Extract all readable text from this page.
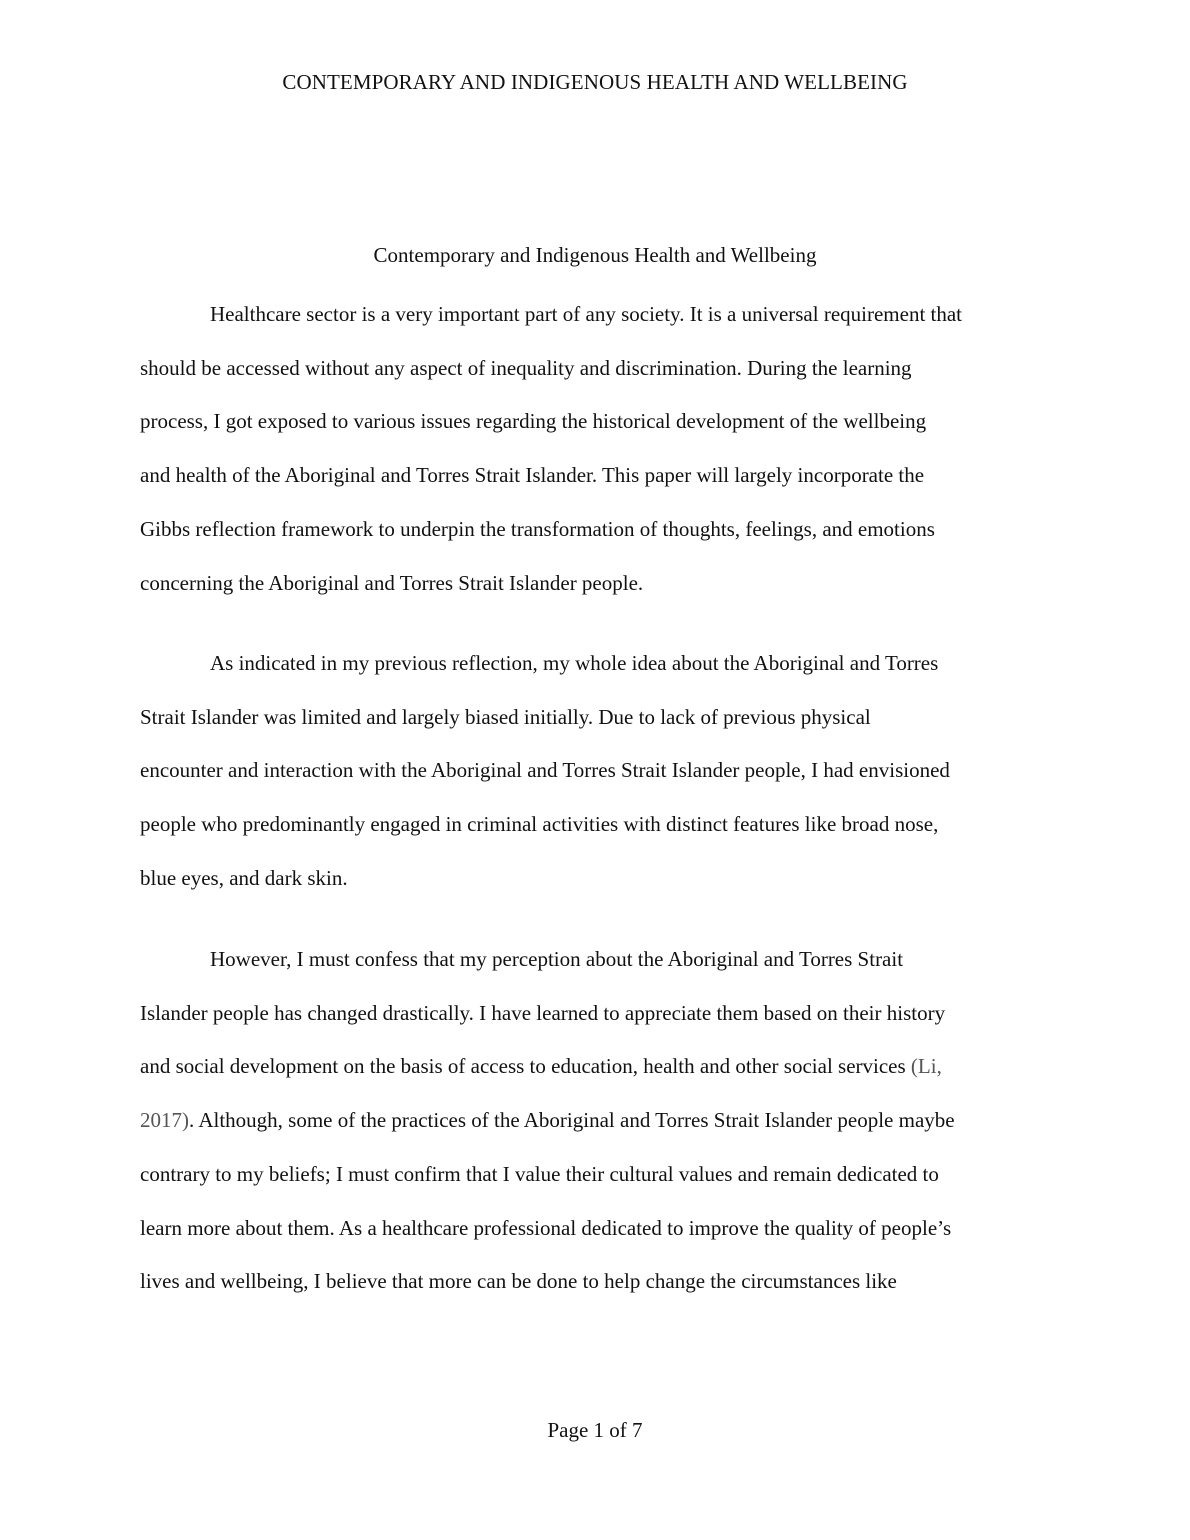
CONTEMPORARY AND INDIGENOUS HEALTH AND WELLBEING
Contemporary and Indigenous Health and Wellbeing
Healthcare sector is a very important part of any society. It is a universal requirement that
should be accessed without any aspect of inequality and discrimination. During the learning
process, I got exposed to various issues regarding the historical development of the wellbeing
and health of the Aboriginal and Torres Strait Islander. This paper will largely incorporate the
Gibbs reflection framework to underpin the transformation of thoughts, feelings, and emotions
concerning the Aboriginal and Torres Strait Islander people.
As indicated in my previous reflection, my whole idea about the Aboriginal and Torres
Strait Islander was limited and largely biased initially. Due to lack of previous physical
encounter and interaction with the Aboriginal and Torres Strait Islander people, I had envisioned
people who predominantly engaged in criminal activities with distinct features like broad nose,
blue eyes, and dark skin.
However, I must confess that my perception about the Aboriginal and Torres Strait
Islander people has changed drastically. I have learned to appreciate them based on their history
and social development on the basis of access to education, health and other social services (Li,
2017). Although, some of the practices of the Aboriginal and Torres Strait Islander people maybe
contrary to my beliefs; I must confirm that I value their cultural values and remain dedicated to
learn more about them. As a healthcare professional dedicated to improve the quality of people’s
lives and wellbeing, I believe that more can be done to help change the circumstances like
Page 1 of 7
